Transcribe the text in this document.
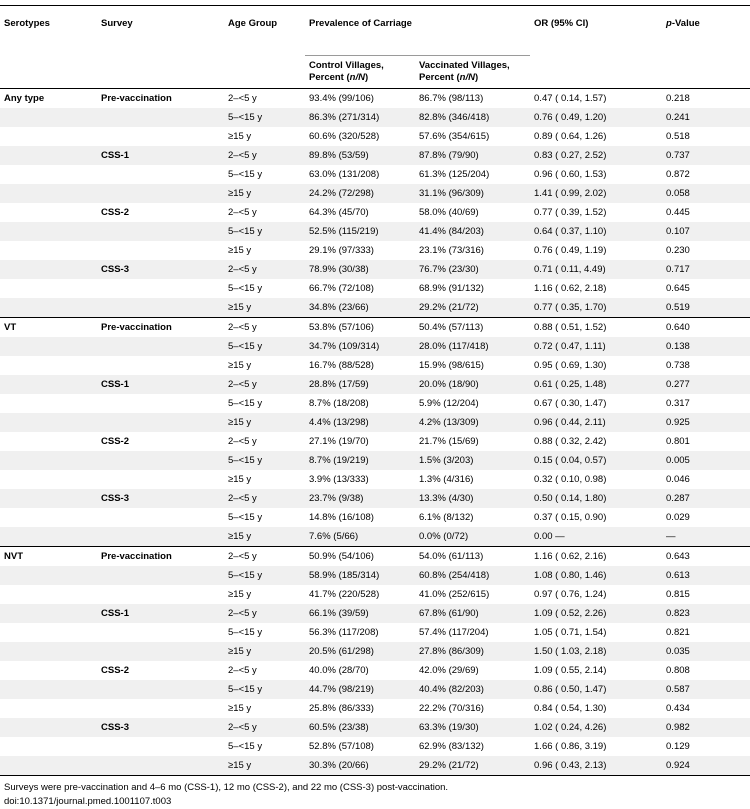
Serotypes	Survey	Age Group	Prevalence of Carriage		OR (95% CI)	p-Value
			Control Villages, Percent (n/N)	Vaccinated Villages, Percent (n/N)		
Any type	Pre-vaccination	2–<5 y	93.4% (99/106)	86.7% (98/113)	0.47 ( 0.14, 1.57)	0.218
		5–<15 y	86.3% (271/314)	82.8% (346/418)	0.76 ( 0.49, 1.20)	0.241
		≥15 y	60.6% (320/528)	57.6% (354/615)	0.89 ( 0.64, 1.26)	0.518
	CSS-1	2–<5 y	89.8% (53/59)	87.8% (79/90)	0.83 ( 0.27, 2.52)	0.737
		5–<15 y	63.0% (131/208)	61.3% (125/204)	0.96 ( 0.60, 1.53)	0.872
		≥15 y	24.2% (72/298)	31.1% (96/309)	1.41 ( 0.99, 2.02)	0.058
	CSS-2	2–<5 y	64.3% (45/70)	58.0% (40/69)	0.77 ( 0.39, 1.52)	0.445
		5–<15 y	52.5% (115/219)	41.4% (84/203)	0.64 ( 0.37, 1.10)	0.107
		≥15 y	29.1% (97/333)	23.1% (73/316)	0.76 ( 0.49, 1.19)	0.230
	CSS-3	2–<5 y	78.9% (30/38)	76.7% (23/30)	0.71 ( 0.11, 4.49)	0.717
		5–<15 y	66.7% (72/108)	68.9% (91/132)	1.16 ( 0.62, 2.18)	0.645
		≥15 y	34.8% (23/66)	29.2% (21/72)	0.77 ( 0.35, 1.70)	0.519
VT	Pre-vaccination	2–<5 y	53.8% (57/106)	50.4% (57/113)	0.88 ( 0.51, 1.52)	0.640
		5–<15 y	34.7% (109/314)	28.0% (117/418)	0.72 ( 0.47, 1.11)	0.138
		≥15 y	16.7% (88/528)	15.9% (98/615)	0.95 ( 0.69, 1.30)	0.738
	CSS-1	2–<5 y	28.8% (17/59)	20.0% (18/90)	0.61 ( 0.25, 1.48)	0.277
		5–<15 y	8.7% (18/208)	5.9% (12/204)	0.67 ( 0.30, 1.47)	0.317
		≥15 y	4.4% (13/298)	4.2% (13/309)	0.96 ( 0.44, 2.11)	0.925
	CSS-2	2–<5 y	27.1% (19/70)	21.7% (15/69)	0.88 ( 0.32, 2.42)	0.801
		5–<15 y	8.7% (19/219)	1.5% (3/203)	0.15 ( 0.04, 0.57)	0.005
		≥15 y	3.9% (13/333)	1.3% (4/316)	0.32 ( 0.10, 0.98)	0.046
	CSS-3	2–<5 y	23.7% (9/38)	13.3% (4/30)	0.50 ( 0.14, 1.80)	0.287
		5–<15 y	14.8% (16/108)	6.1% (8/132)	0.37 ( 0.15, 0.90)	0.029
		≥15 y	7.6% (5/66)	0.0% (0/72)	0.00 —	—
NVT	Pre-vaccination	2–<5 y	50.9% (54/106)	54.0% (61/113)	1.16 ( 0.62, 2.16)	0.643
		5–<15 y	58.9% (185/314)	60.8% (254/418)	1.08 ( 0.80, 1.46)	0.613
		≥15 y	41.7% (220/528)	41.0% (252/615)	0.97 ( 0.76, 1.24)	0.815
	CSS-1	2–<5 y	66.1% (39/59)	67.8% (61/90)	1.09 ( 0.52, 2.26)	0.823
		5–<15 y	56.3% (117/208)	57.4% (117/204)	1.05 ( 0.71, 1.54)	0.821
		≥15 y	20.5% (61/298)	27.8% (86/309)	1.50 ( 1.03, 2.18)	0.035
	CSS-2	2–<5 y	40.0% (28/70)	42.0% (29/69)	1.09 ( 0.55, 2.14)	0.808
		5–<15 y	44.7% (98/219)	40.4% (82/203)	0.86 ( 0.50, 1.47)	0.587
		≥15 y	25.8% (86/333)	22.2% (70/316)	0.84 ( 0.54, 1.30)	0.434
	CSS-3	2–<5 y	60.5% (23/38)	63.3% (19/30)	1.02 ( 0.24, 4.26)	0.982
		5–<15 y	52.8% (57/108)	62.9% (83/132)	1.66 ( 0.86, 3.19)	0.129
		≥15 y	30.3% (20/66)	29.2% (21/72)	0.96 ( 0.43, 2.13)	0.924
Surveys were pre-vaccination and 4–6 mo (CSS-1), 12 mo (CSS-2), and 22 mo (CSS-3) post-vaccination.
doi:10.1371/journal.pmed.1001107.t003
